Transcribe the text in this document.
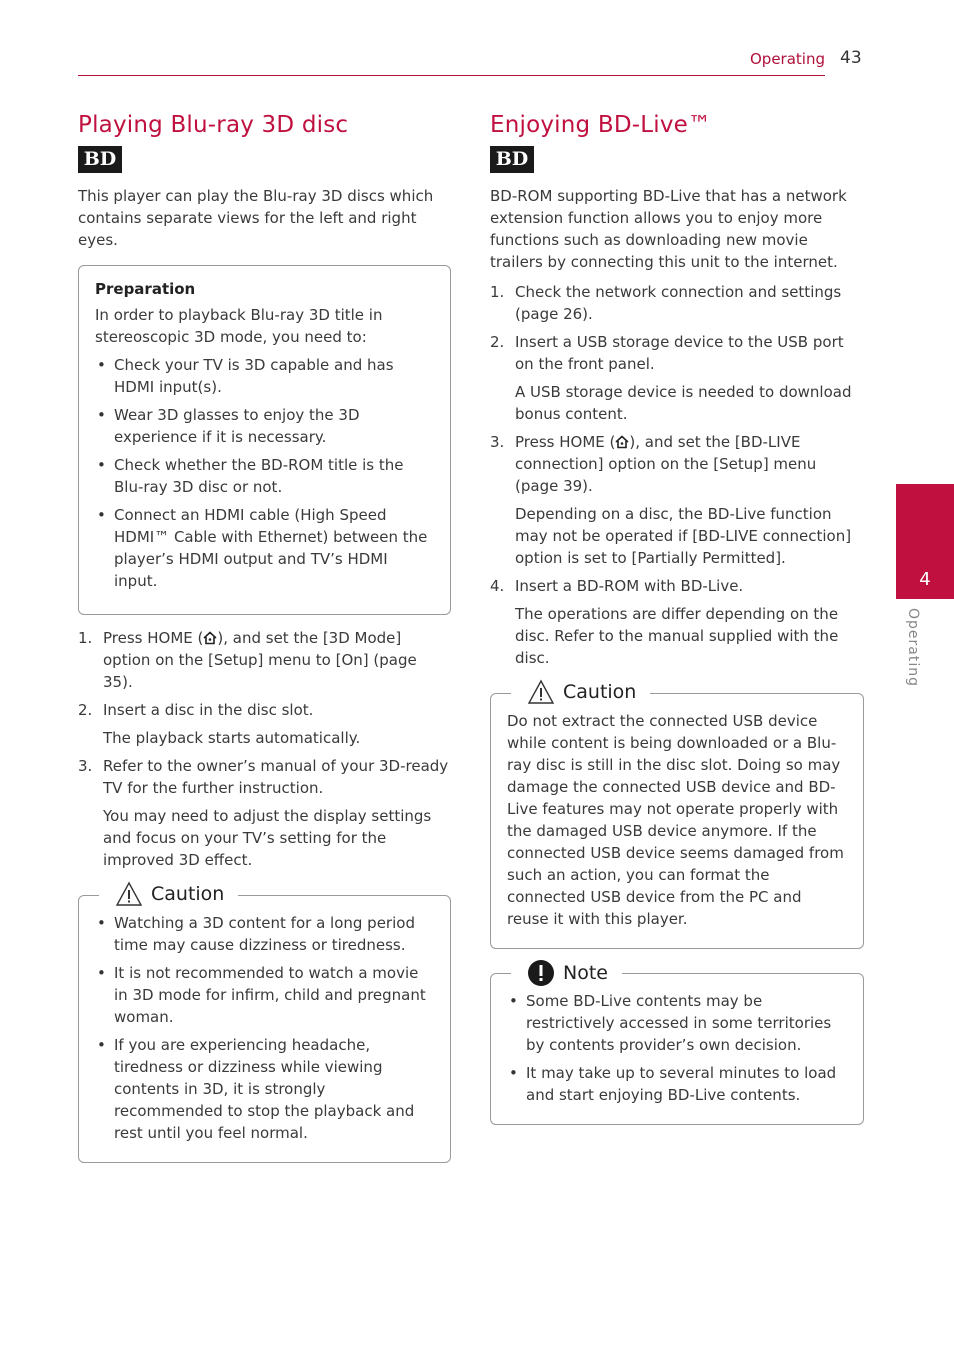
Operating 43
4
Operating
Playing Blu-ray 3D disc
BD

This player can play the Blu-ray 3D discs which contains separate views for the left and right eyes.

Preparation

In order to playback Blu-ray 3D title in stereoscopic 3D mode, you need to:

• Check your TV is 3D capable and has HDMI input(s).
• Wear 3D glasses to enjoy the 3D experience if it is necessary.
• Check whether the BD-ROM title is the Blu-ray 3D disc or not.
• Connect an HDMI cable (High Speed HDMI™ Cable with Ethernet) between the player’s HDMI output and TV’s HDMI input.
1. Press HOME ( ), and set the [3D Mode] option on the [Setup] menu to [On] (page 35).
2. Insert a disc in the disc slot.
The playback starts automatically.
3. Refer to the owner’s manual of your 3D-ready TV for the further instruction.
You may need to adjust the display settings and focus on your TV’s setting for the improved 3D effect.
Caution
• Watching a 3D content for a long period time may cause dizziness or tiredness.
• It is not recommended to watch a movie in 3D mode for infirm, child and pregnant woman.
• If you are experiencing headache, tiredness or dizziness while viewing contents in 3D, it is strongly recommended to stop the playback and rest until you feel normal.
Enjoying BD-Live™
BD

BD-ROM supporting BD-Live that has a network extension function allows you to enjoy more functions such as downloading new movie trailers by connecting this unit to the internet.

1. Check the network connection and settings (page 26).
2. Insert a USB storage device to the USB port on the front panel.
A USB storage device is needed to download bonus content.
3. Press HOME ( ), and set the [BD-LIVE connection] option on the [Setup] menu (page 39).
Depending on a disc, the BD-Live function may not be operated if [BD-LIVE connection] option is set to [Partially Permitted].
4. Insert a BD-ROM with BD-Live.
The operations are differ depending on the disc. Refer to the manual supplied with the disc.
Caution

Do not extract the connected USB device while content is being downloaded or a Blu-ray disc is still in the disc slot. Doing so may damage the connected USB device and BD-Live features may not operate properly with the damaged USB device anymore. If the connected USB device seems damaged from such an action, you can format the connected USB device from the PC and reuse it with this player.

Note
• Some BD-Live contents may be restrictively accessed in some territories by contents provider’s own decision.
• It may take up to several minutes to load and start enjoying BD-Live contents.
